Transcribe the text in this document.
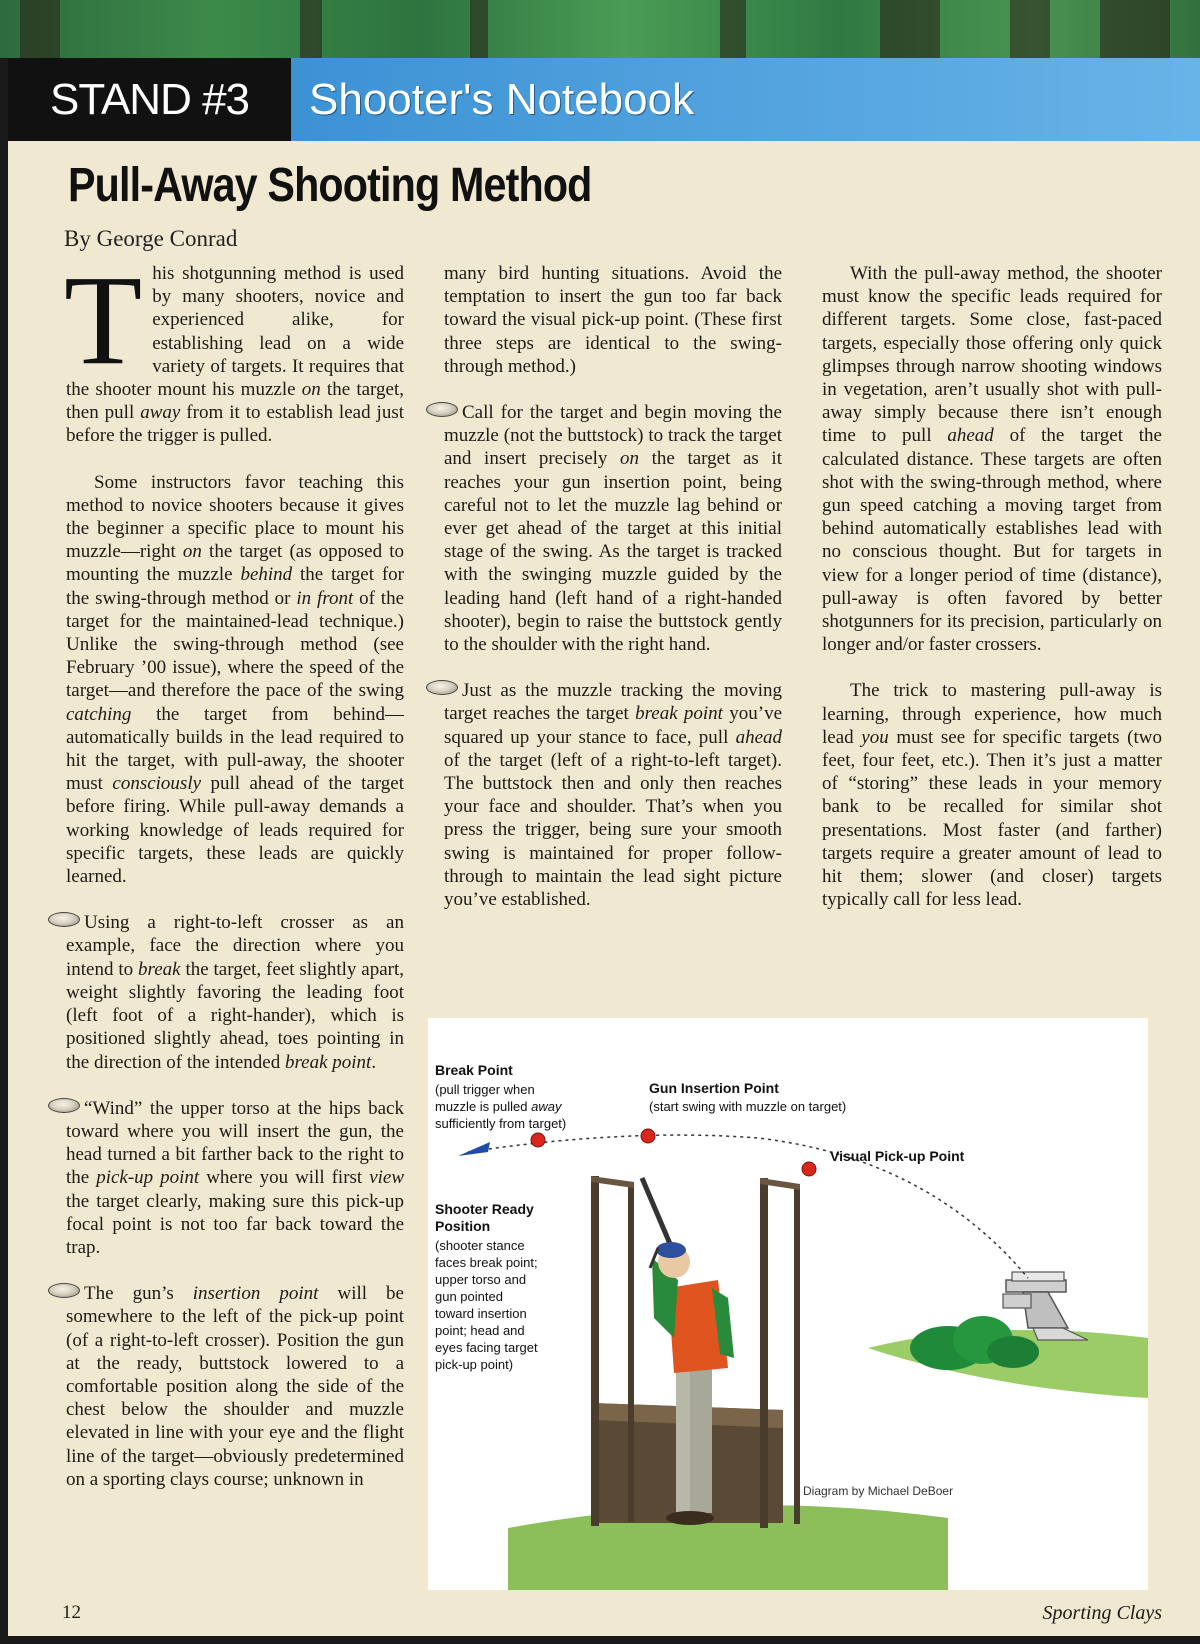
STAND #3 Shooter's Notebook
Pull-Away Shooting Method
By George Conrad

This shotgunning method is used by many shooters, novice and experienced alike, for establishing lead on a wide variety of targets. It requires that the shooter mount his muzzle on the target, then pull away from it to establish lead just before the trigger is pulled.

Some instructors favor teaching this method to novice shooters because it gives the beginner a specific place to mount his muzzle—right on the target (as opposed to mounting the muzzle behind the target for the swing-through method or in front of the target for the maintained-lead technique.) Unlike the swing-through method (see February ’00 issue), where the speed of the target—and therefore the pace of the swing catching the target from behind—automatically builds in the lead required to hit the target, with pull-away, the shooter must consciously pull ahead of the target before firing. While pull-away demands a working knowledge of leads required for specific targets, these leads are quickly learned.

Using a right-to-left crosser as an example, face the direction where you intend to break the target, feet slightly apart, weight slightly favoring the leading foot (left foot of a right-hander), which is positioned slightly ahead, toes pointing in the direction of the intended break point.

“Wind” the upper torso at the hips back toward where you will insert the gun, the head turned a bit farther back to the right to the pick-up point where you will first view the target clearly, making sure this pick-up focal point is not too far back toward the trap.

The gun’s insertion point will be somewhere to the left of the pick-up point (of a right-to-left crosser). Position the gun at the ready, buttstock lowered to a comfortable position along the side of the chest below the shoulder and muzzle elevated in line with your eye and the flight line of the target—obviously predetermined on a sporting clays course; unknown in

many bird hunting situations. Avoid the temptation to insert the gun too far back toward the visual pick-up point. (These first three steps are identical to the swing-through method.)

Call for the target and begin moving the muzzle (not the buttstock) to track the target and insert precisely on the target as it reaches your gun insertion point, being careful not to let the muzzle lag behind or ever get ahead of the target at this initial stage of the swing. As the target is tracked with the swinging muzzle guided by the leading hand (left hand of a right-handed shooter), begin to raise the buttstock gently to the shoulder with the right hand.

Just as the muzzle tracking the moving target reaches the target break point you’ve squared up your stance to face, pull ahead of the target (left of a right-to-left target). The buttstock then and only then reaches your face and shoulder. That’s when you press the trigger, being sure your smooth swing is maintained for proper follow-through to maintain the lead sight picture you’ve established.

With the pull-away method, the shooter must know the specific leads required for different targets. Some close, fast-paced targets, especially those offering only quick glimpses through narrow shooting windows in vegetation, aren’t usually shot with pull-away simply because there isn’t enough time to pull ahead of the target the calculated distance. These targets are often shot with the swing-through method, where gun speed catching a moving target from behind automatically establishes lead with no conscious thought. But for targets in view for a longer period of time (distance), pull-away is often favored by better shotgunners for its precision, particularly on longer and/or faster crossers.

The trick to mastering pull-away is learning, through experience, how much lead you must see for specific targets (two feet, four feet, etc.). Then it’s just a matter of “storing” these leads in your memory bank to be recalled for similar shot presentations. Most faster (and farther) targets require a greater amount of lead to hit them; slower (and closer) targets typically call for less lead.

Break Point
(pull trigger when
muzzle is pulled away
sufficiently from target)
Gun Insertion Point
(start swing with muzzle on target)
Visual Pick-up Point
Shooter Ready
Position
(shooter stance
faces break point;
upper torso and
gun pointed
toward insertion
point; head and
eyes facing target
pick-up point)
Diagram by Michael DeBoer
12	Sporting Clays
